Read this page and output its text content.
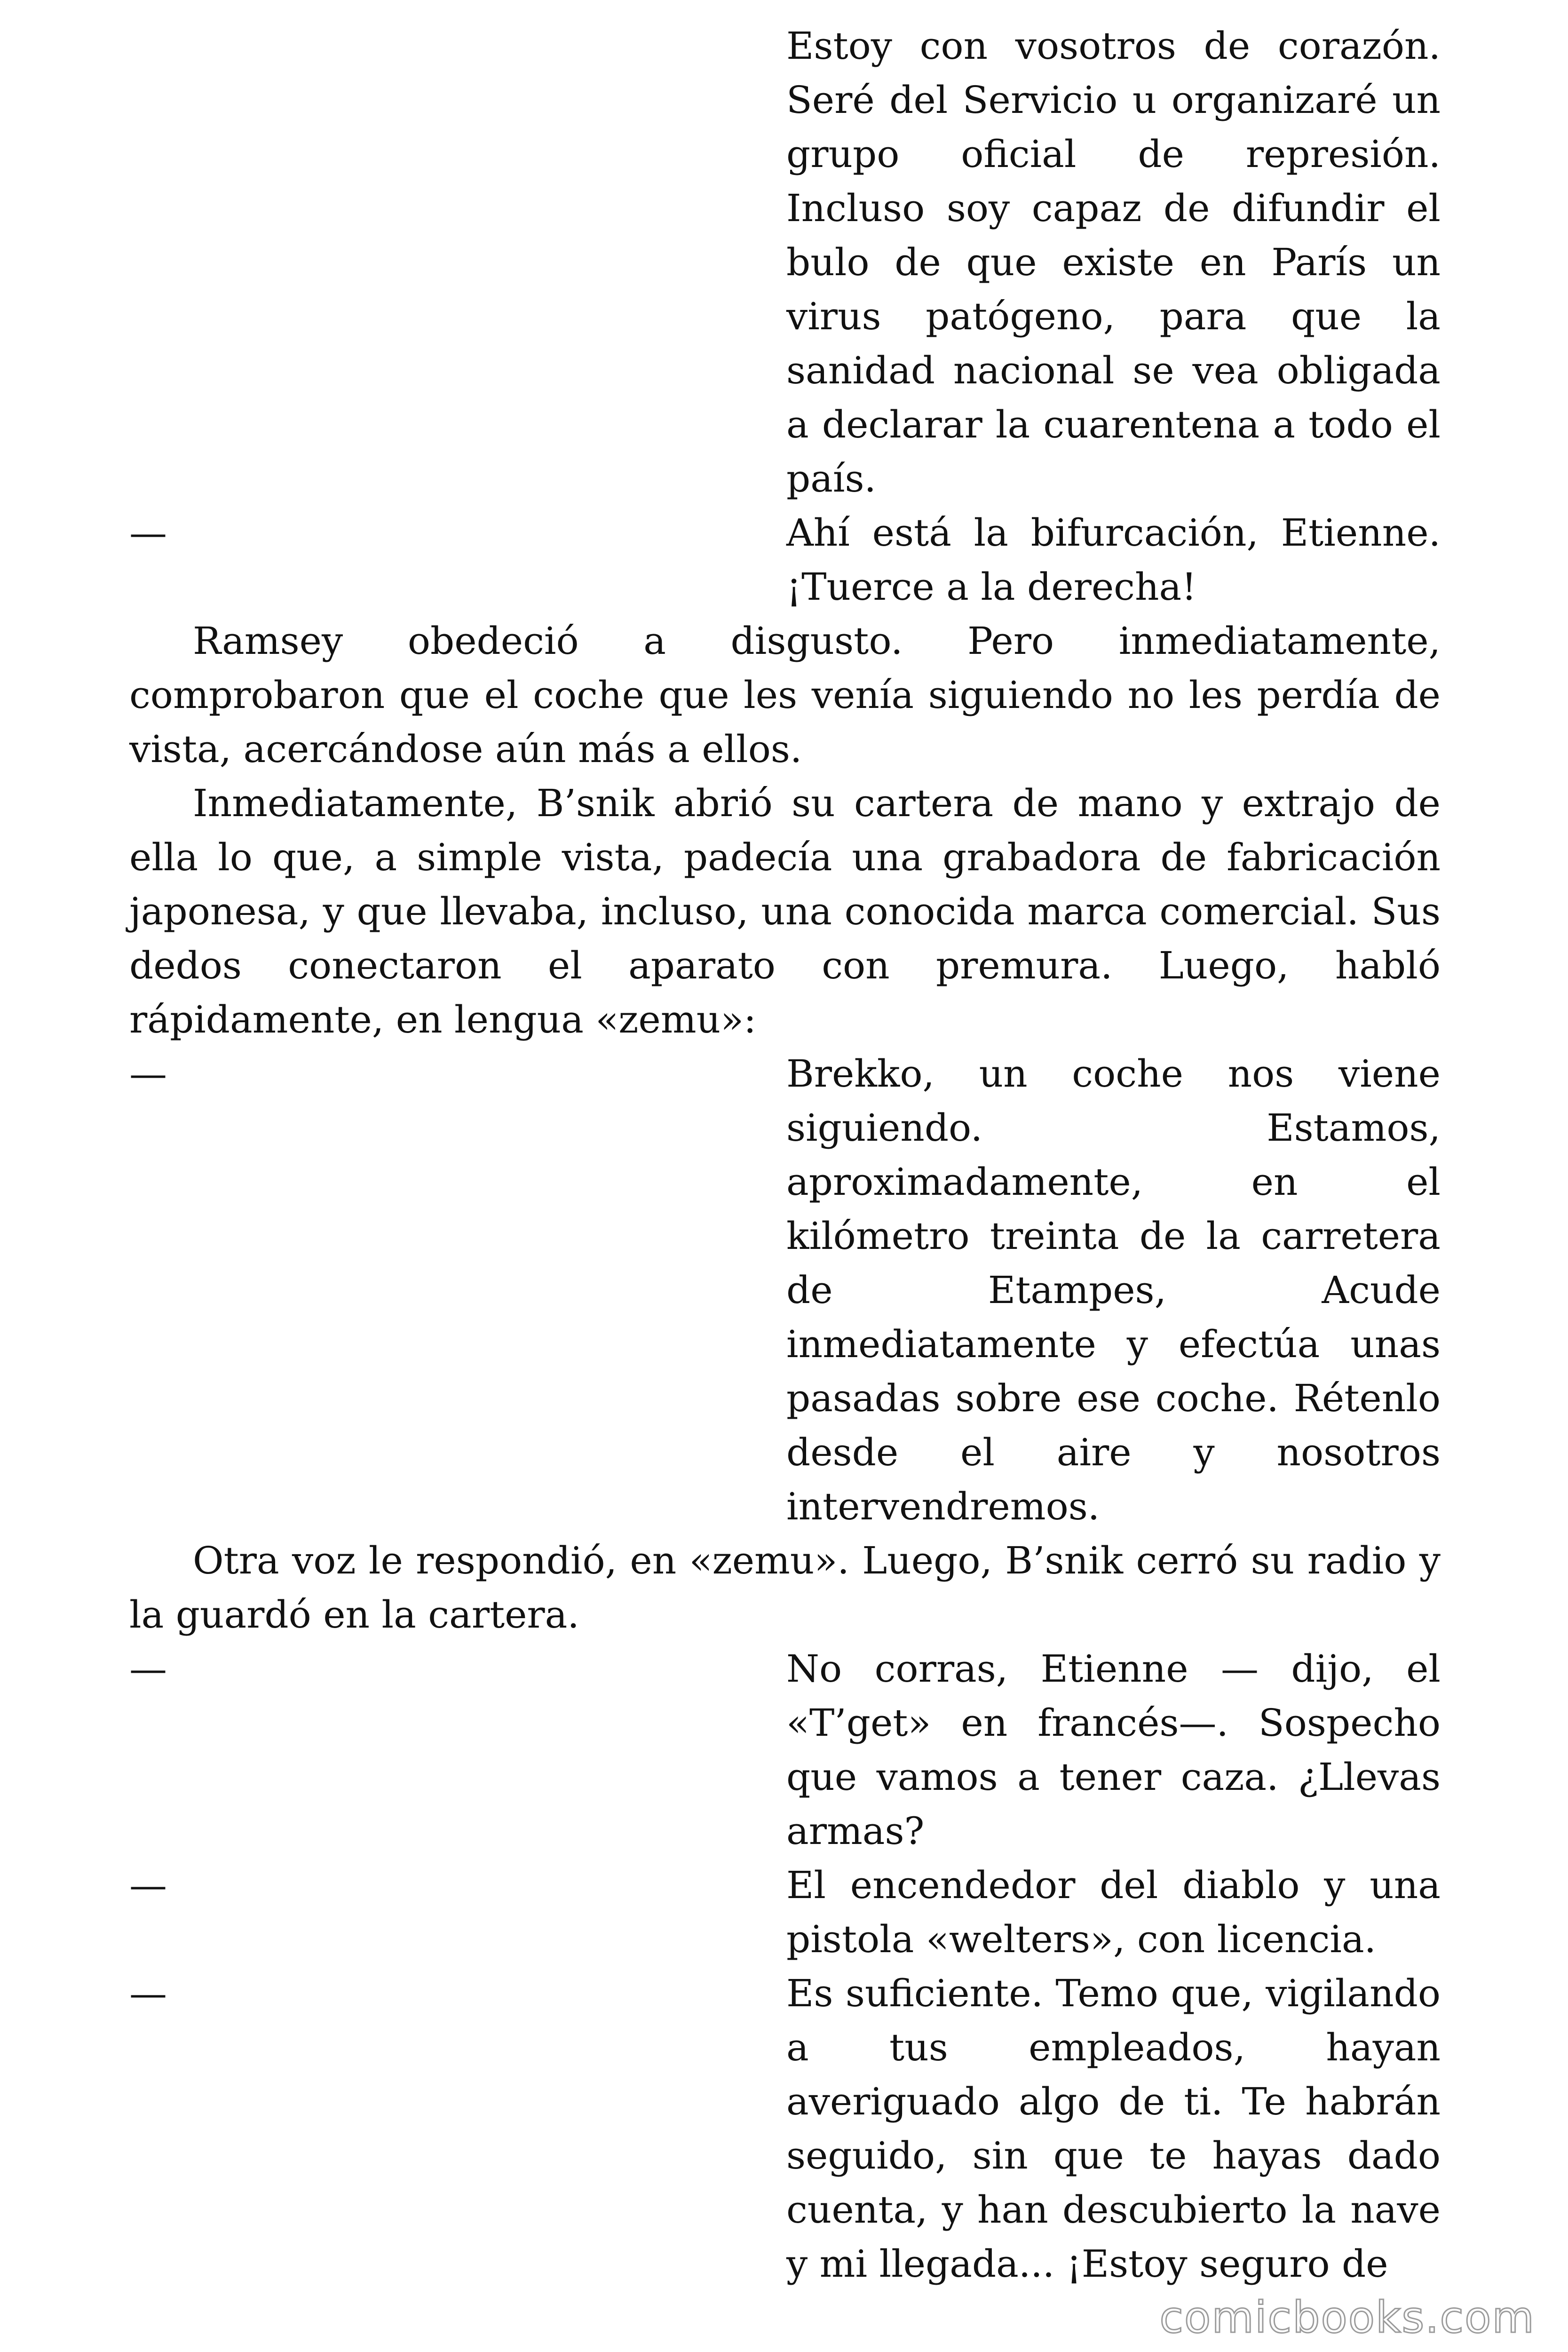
Estoy con vosotros de corazón. Seré del Servicio u organizaré un grupo oficial de represión. Incluso soy capaz de difundir el bulo de que existe en París un virus patógeno, para que la sanidad nacional se vea obligada a declarar la cuarentena a todo el país.
—	Ahí está la bifurcación, Etienne. ¡Tuerce a la derecha!

Ramsey obedeció a disgusto. Pero inmediatamente, comprobaron que el coche que les venía siguiendo no les perdía de vista, acercándose aún más a ellos.

Inmediatamente, B’snik abrió su cartera de mano y extrajo de ella lo que, a simple vista, padecía una grabadora de fabricación japonesa, y que llevaba, incluso, una conocida marca comercial. Sus dedos conectaron el aparato con premura. Luego, habló rápidamente, en lengua «zemu»:

—	Brekko, un coche nos viene siguiendo. Estamos, aproximadamente, en el kilómetro treinta de la carretera de Etampes, Acude inmediatamente y efectúa unas pasadas sobre ese coche. Rétenlo desde el aire y nosotros intervendremos.

Otra voz le respondió, en «zemu». Luego, B’snik cerró su radio y la guardó en la cartera.

—	No corras, Etienne — dijo, el «T’get» en francés—. Sospecho que vamos a tener caza. ¿Llevas armas?
—	El encendedor del diablo y una pistola «welters», con licencia.
—	Es suficiente. Temo que, vigilando a tus empleados, hayan averiguado algo de ti. Te habrán seguido, sin que te hayas dado cuenta, y han descubierto la nave y mi llegada... ¡Estoy seguro de
comicbooks.com
